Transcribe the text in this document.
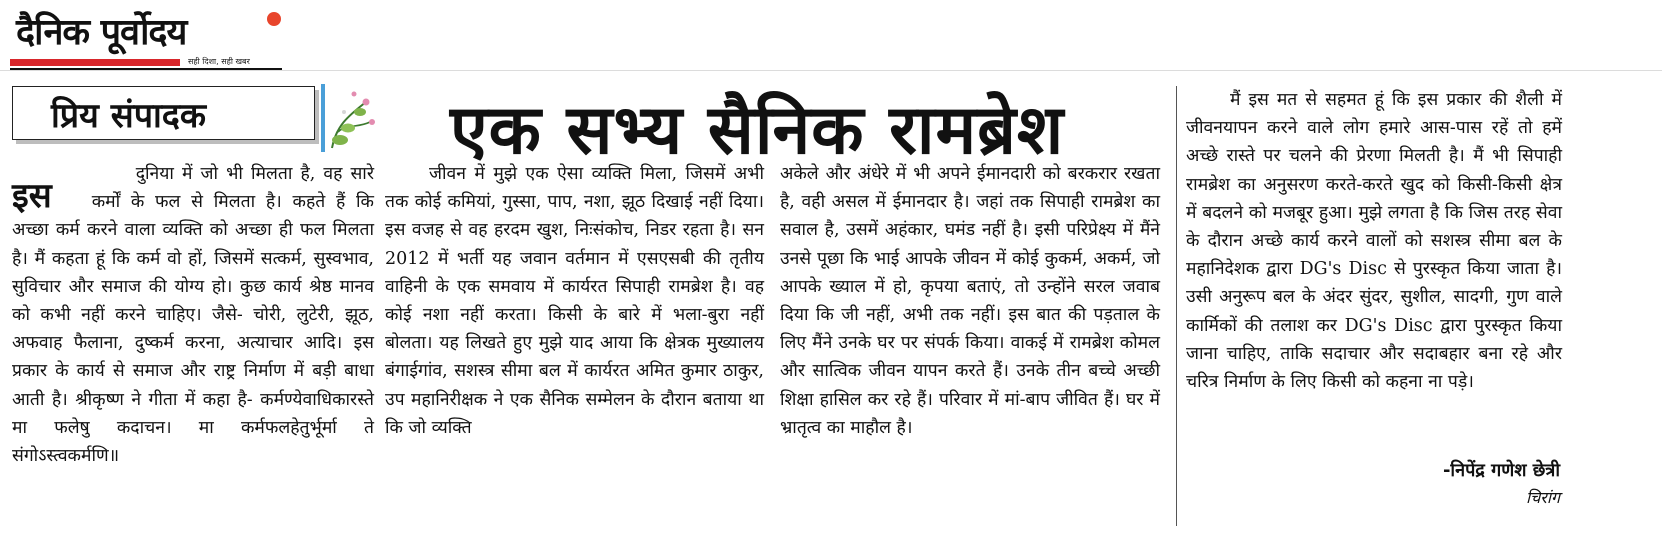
दैनिक पूर्वोदय
सही दिशा, सही खबर
प्रिय संपादक	एक सभ्य सैनिक रामब्रेश
इस

दुनिया में जो भी मिलता है, वह सारे कर्मों के फल से मिलता है। कहते हैं कि अच्छा कर्म करने वाला व्यक्ति को अच्छा ही फल मिलता है। मैं कहता हूं कि कर्म वो हों, जिसमें सत्कर्म, सुस्वभाव, सुविचार और समाज की योग्य हो। कुछ कार्य श्रेष्ठ मानव को कभी नहीं करने चाहिए। जैसे- चोरी, लुटेरी, झूठ, अफवाह फैलाना, दुष्कर्म करना, अत्याचार आदि। इस प्रकार के कार्य से समाज और राष्ट्र निर्माण में बड़ी बाधा आती है। श्रीकृष्ण ने गीता में कहा है- कर्मण्येवाधिकारस्ते मा फलेषु कदाचन। मा कर्मफलहेतुर्भूर्मा ते संगोऽस्त्वकर्मणि॥

जीवन में मुझे एक ऐसा व्यक्ति मिला, जिसमें अभी तक कोई कमियां, गुस्सा, पाप, नशा, झूठ दिखाई नहीं दिया। इस वजह से वह हरदम खुश, निःसंकोच, निडर रहता है। सन 2012 में भर्ती यह जवान वर्तमान में एसएसबी की तृतीय वाहिनी के एक समवाय में कार्यरत सिपाही रामब्रेश है। वह कोई नशा नहीं करता। किसी के बारे में भला-बुरा नहीं बोलता। यह लिखते हुए मुझे याद आया कि क्षेत्रक मुख्यालय बंगाईगांव, सशस्त्र सीमा बल में कार्यरत अमित कुमार ठाकुर, उप महानिरीक्षक ने एक सैनिक सम्मेलन के दौरान बताया था कि जो व्यक्ति

अकेले और अंधेरे में भी अपने ईमानदारी को बरकरार रखता है, वही असल में ईमानदार है। जहां तक सिपाही रामब्रेश का सवाल है, उसमें अहंकार, घमंड नहीं है। इसी परिप्रेक्ष्य में मैंने उनसे पूछा कि भाई आपके जीवन में कोई कुकर्म, अकर्म, जो आपके ख्याल में हो, कृपया बताएं, तो उन्होंने सरल जवाब दिया कि जी नहीं, अभी तक नहीं। इस बात की पड़ताल के लिए मैंने उनके घर पर संपर्क किया। वाकई में रामब्रेश कोमल और सात्विक जीवन यापन करते हैं। उनके तीन बच्चे अच्छी शिक्षा हासिल कर रहे हैं। परिवार में मां-बाप जीवित हैं। घर में भ्रातृत्व का माहौल है।

मैं इस मत से सहमत हूं कि इस प्रकार की शैली में जीवनयापन करने वाले लोग हमारे आस-पास रहें तो हमें अच्छे रास्ते पर चलने की प्रेरणा मिलती है। मैं भी सिपाही रामब्रेश का अनुसरण करते-करते खुद को किसी-किसी क्षेत्र में बदलने को मजबूर हुआ। मुझे लगता है कि जिस तरह सेवा के दौरान अच्छे कार्य करने वालों को सशस्त्र सीमा बल के महानिदेशक द्वारा DG's Disc से पुरस्कृत किया जाता है। उसी अनुरूप बल के अंदर सुंदर, सुशील, सादगी, गुण वाले कार्मिकों की तलाश कर DG's Disc द्वारा पुरस्कृत किया जाना चाहिए, ताकि सदाचार और सदाबहार बना रहे और चरित्र निर्माण के लिए किसी को कहना ना पड़े।

-निपेंद्र गणेश छेत्री
चिरांग
